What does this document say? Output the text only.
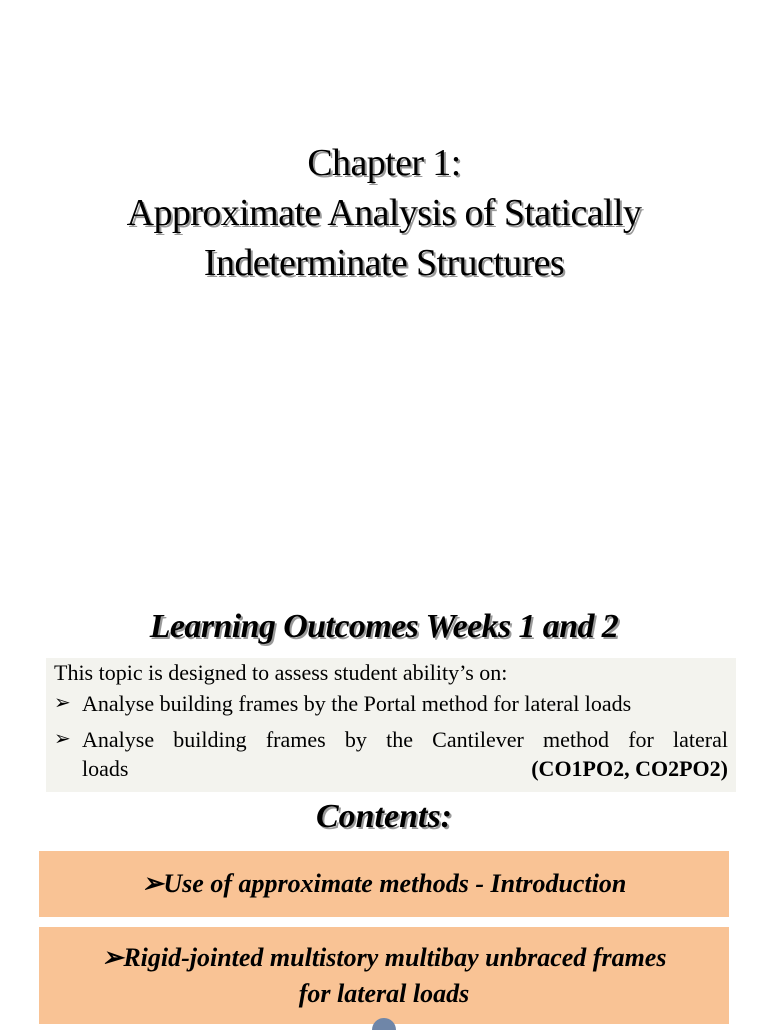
Chapter 1:
Approximate Analysis of Statically
Indeterminate Structures
Learning Outcomes Weeks 1 and 2
This topic is designed to assess student ability’s on:
➢ Analyse building frames by the Portal method for lateral loads
➢ Analyse building frames by the Cantilever method for lateral
loads	(CO1PO2, CO2PO2)
Contents:
➢Use of approximate methods - Introduction
➢Rigid-jointed multistory multibay unbraced frames
for lateral loads
